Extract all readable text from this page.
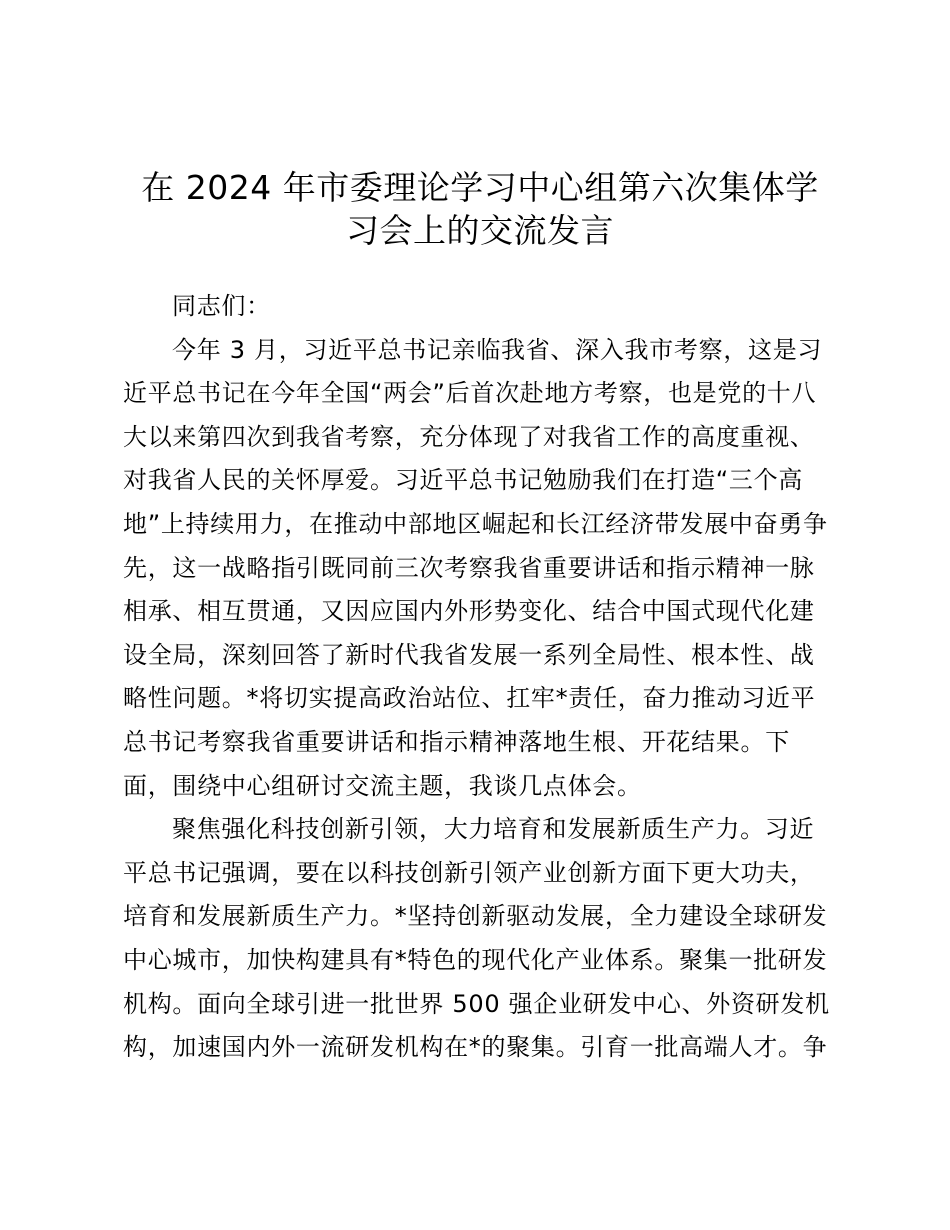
在 2024 年市委理论学习中心组第六次集体学
习会上的交流发言
同志们：
今年 3 月，习近平总书记亲临我省、深入我市考察，这是习
近平总书记在今年全国“两会”后首次赴地方考察，也是党的十八
大以来第四次到我省考察，充分体现了对我省工作的高度重视、
对我省人民的关怀厚爱。习近平总书记勉励我们在打造“三个高
地”上持续用力，在推动中部地区崛起和长江经济带发展中奋勇争
先，这一战略指引既同前三次考察我省重要讲话和指示精神一脉
相承、相互贯通，又因应国内外形势变化、结合中国式现代化建
设全局，深刻回答了新时代我省发展一系列全局性、根本性、战
略性问题。*将切实提高政治站位、扛牢*责任，奋力推动习近平
总书记考察我省重要讲话和指示精神落地生根、开花结果。下
面，围绕中心组研讨交流主题，我谈几点体会。
聚焦强化科技创新引领，大力培育和发展新质生产力。习近
平总书记强调，要在以科技创新引领产业创新方面下更大功夫，
培育和发展新质生产力。*坚持创新驱动发展，全力建设全球研发
中心城市，加快构建具有*特色的现代化产业体系。聚集一批研发
机构。面向全球引进一批世界 500 强企业研发中心、外资研发机
构，加速国内外一流研发机构在*的聚集。引育一批高端人才。争
